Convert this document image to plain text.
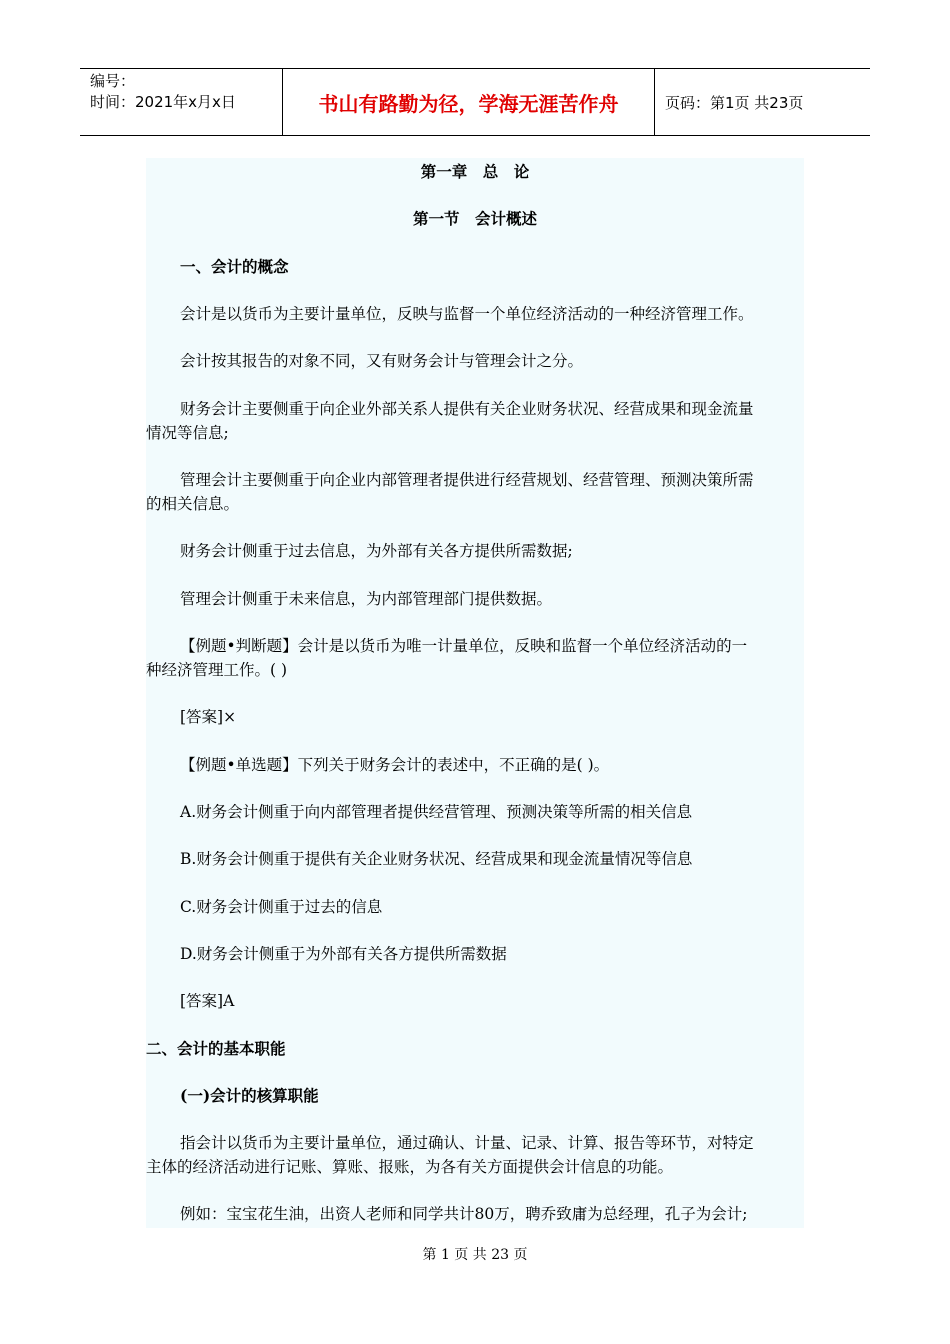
编号：
时间：2021年x月x日	书山有路勤为径，学海无涯苦作舟	页码：第1页 共23页
第一章　总　论
第一节　会计概述
一、会计的概念
会计是以货币为主要计量单位，反映与监督一个单位经济活动的一种经济管理工作。
会计按其报告的对象不同，又有财务会计与管理会计之分。
财务会计主要侧重于向企业外部关系人提供有关企业财务状况、经营成果和现金流量
情况等信息;
管理会计主要侧重于向企业内部管理者提供进行经营规划、经营管理、预测决策所需
的相关信息。
财务会计侧重于过去信息，为外部有关各方提供所需数据;
管理会计侧重于未来信息，为内部管理部门提供数据。
【例题•判断题】会计是以货币为唯一计量单位，反映和监督一个单位经济活动的一
种经济管理工作。( )
[答案]×
【例题•单选题】下列关于财务会计的表述中，不正确的是( )。
A.财务会计侧重于向内部管理者提供经营管理、预测决策等所需的相关信息
B.财务会计侧重于提供有关企业财务状况、经营成果和现金流量情况等信息
C.财务会计侧重于过去的信息
D.财务会计侧重于为外部有关各方提供所需数据
[答案]A
二、会计的基本职能
(一)会计的核算职能
指会计以货币为主要计量单位，通过确认、计量、记录、计算、报告等环节，对特定
主体的经济活动进行记账、算账、报账，为各有关方面提供会计信息的功能。
例如：宝宝花生油，出资人老师和同学共计80万，聘乔致庸为总经理，孔子为会计;
第 1 页 共 23 页
